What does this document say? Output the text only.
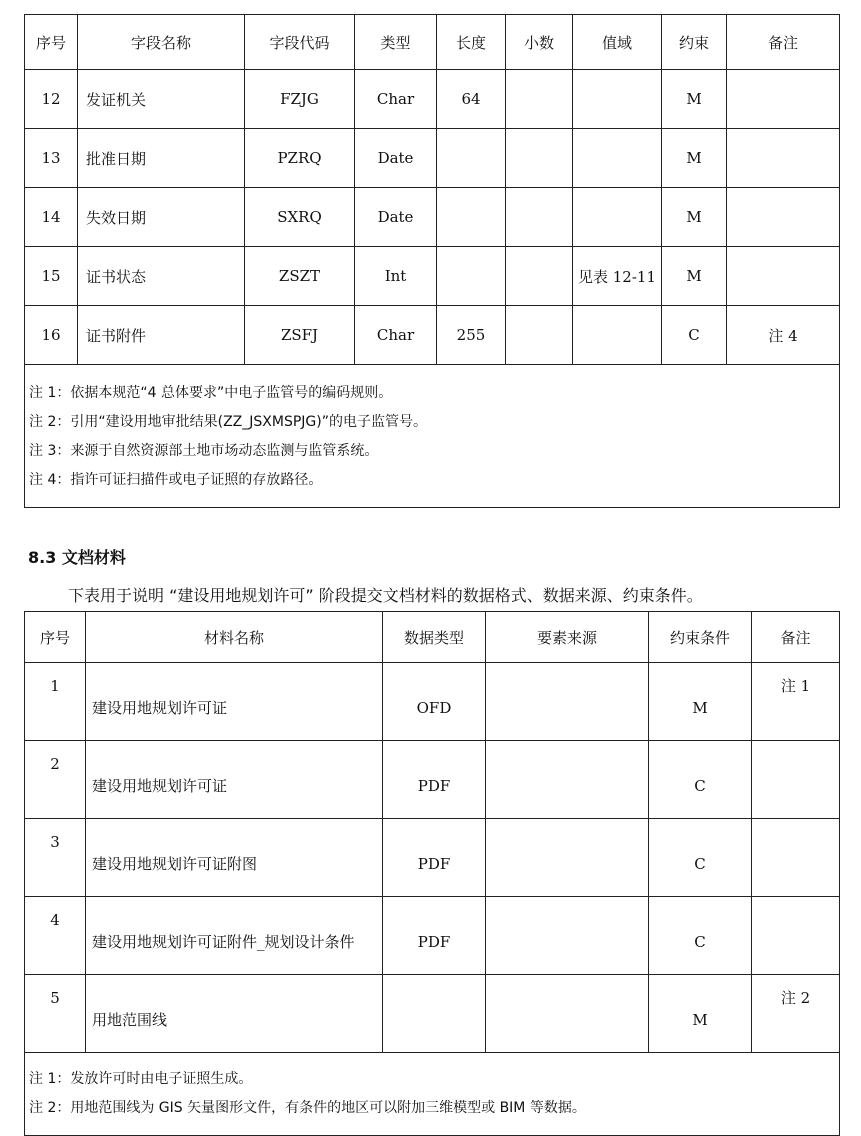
序号	字段名称	字段代码	类型	长度	小数	值域	约束	备注
12	发证机关	FZJG	Char	64			M	
13	批准日期	PZRQ	Date				M	
14	失效日期	SXRQ	Date				M	
15	证书状态	ZSZT	Int			见表 12-11	M	
16	证书附件	ZSFJ	Char	255			C	注 4

注 1：依据本规范“4 总体要求”中电子监管号的编码规则。
注 2：引用“建设用地审批结果(ZZ_JSXMSPJG)”的电子监管号。
注 3：来源于自然资源部土地市场动态监测与监管系统。
注 4：指许可证扫描件或电子证照的存放路径。								
8.3 文档材料
下表用于说明 “建设用地规划许可” 阶段提交文档材料的数据格式、数据来源、约束条件。
序号	材料名称	数据类型	要素来源	约束条件	备注
1	建设用地规划许可证	OFD		M	注 1
2	建设用地规划许可证	PDF		C	
3	建设用地规划许可证附图	PDF		C	
4	建设用地规划许可证附件_规划设计条件	PDF		C	
5	用地范围线			M	注 2

注 1：发放许可时由电子证照生成。
注 2：用地范围线为 GIS 矢量图形文件，有条件的地区可以附加三维模型或 BIM 等数据。					
